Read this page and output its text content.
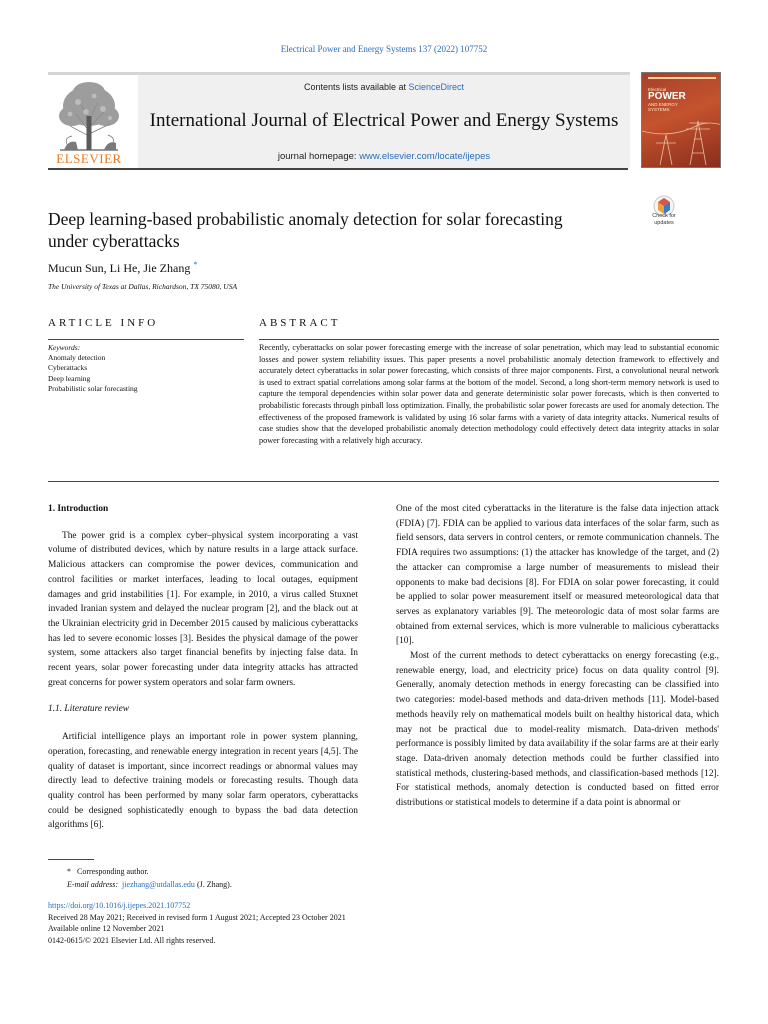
Electrical Power and Energy Systems 137 (2022) 107752
Contents lists available at ScienceDirect
International Journal of Electrical Power and Energy Systems
journal homepage: www.elsevier.com/locate/ijepes
ELSEVIER
Electrical
POWER
AND ENERGY
SYSTEMS
Check for
updates
Deep learning-based probabilistic anomaly detection for solar forecasting
under cyberattacks
Mucun Sun, Li He, Jie Zhang *
The University of Texas at Dallas, Richardson, TX 75080, USA
ARTICLE INFO	ABSTRACT
Keywords:
Anomaly detection
Cyberattacks
Deep learning
Probabilistic solar forecasting
Recently, cyberattacks on solar power forecasting emerge with the increase of solar penetration, which may lead to substantial economic losses and power system reliability issues. This paper presents a novel probabilistic anomaly detection framework to effectively and accurately detect cyberattacks in solar power forecasting, which consists of three major components. First, a convolutional neural network is used to extract spatial correlations among solar farms at the bottom of the model. Second, a long short-term memory network is used to capture the temporal dependencies within solar power data and generate deterministic solar power forecasts, which is then converted to probabilistic forecasts through pinball loss optimization. Finally, the probabilistic solar power forecasts are used for anomaly detection. The effectiveness of the proposed framework is validated by using 16 solar farms with a variety of data integrity attacks. Numerical results of case studies show that the developed probabilistic anomaly detection methodology could effectively detect data integrity attacks in solar power forecasting with a relatively high accuracy.
1. Introduction

The power grid is a complex cyber–physical system incorporating a vast volume of distributed devices, which by nature results in a large attack surface. Malicious attackers can compromise the power devices, communication and control facilities or market interfaces, leading to local outages, equipment damages and grid instabilities [1]. For example, in 2010, a virus called Stuxnet invaded Iranian system and delayed the nuclear program [2], and the black out at the Ukrainian electricity grid in December 2015 caused by malicious cyberattacks has led to severe economic losses [3]. Besides the physical damage of the power system, some attackers also target financial benefits by injecting false data. In recent years, solar power forecasting under data integrity attacks has attracted great concerns for power system operators and solar farm owners.

1.1. Literature review

Artificial intelligence plays an important role in power system planning, operation, forecasting, and renewable energy integration in recent years [4,5]. The quality of dataset is important, since incorrect readings or abnormal values may directly lead to defective training models or forecasting results. Though data quality control has been performed by many solar farm operators, cyberattacks could be designed sophisticatedly enough to bypass the bad data detection algorithms [6].

One of the most cited cyberattacks in the literature is the false data injection attack (FDIA) [7]. FDIA can be applied to various data interfaces of the solar farm, such as field sensors, data servers in control centers, or remote communication channels. The FDIA requires two assumptions: (1) the attacker has knowledge of the target, and (2) the attacker can compromise a large number of measurements to mislead their opponents to make bad decisions [8]. For FDIA on solar power forecasting, it could be applied to solar power measurement itself or measured meteorological data that serves as explanatory variables [9]. The meteorologic data of most solar farms are obtained from external services, which is more vulnerable to malicious cyberattacks [10].

Most of the current methods to detect cyberattacks on energy forecasting (e.g., renewable energy, load, and electricity price) focus on data quality control [9]. Generally, anomaly detection methods in energy forecasting can be classified into two categories: model-based methods and data-driven methods [11]. Model-based methods heavily rely on mathematical models built on healthy historical data, which may not be practical due to model-reality mismatch. Data-driven methods' performance is possibly limited by data availability if the solar farms are at their early stage. Data-driven anomaly detection methods could be further classified into statistical methods, clustering-based methods, and classification-based methods [12]. For statistical methods, anomaly detection is conducted based on fitted error distributions or statistical models to determine if a data point is abnormal or

* Corresponding author.
E-mail address: jiezhang@utdallas.edu (J. Zhang).
https://doi.org/10.1016/j.ijepes.2021.107752
Received 28 May 2021; Received in revised form 1 August 2021; Accepted 23 October 2021
Available online 12 November 2021
0142-0615/© 2021 Elsevier Ltd. All rights reserved.
